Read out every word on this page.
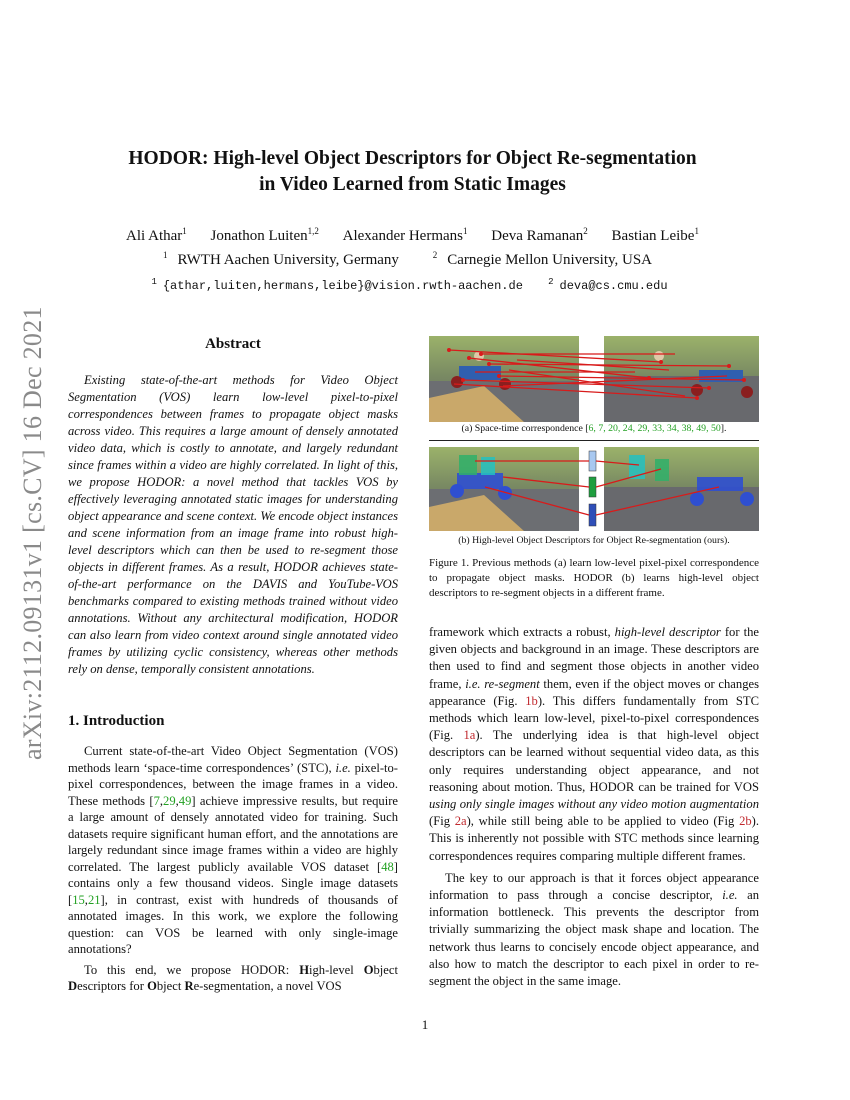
arXiv:2112.09131v1 [cs.CV] 16 Dec 2021
HODOR: High-level Object Descriptors for Object Re-segmentation
in Video Learned from Static Images
Ali Athar$^1$ Jonathon Luiten$^{1,2}$ Alexander Hermans$^1$ Deva Ramanan$^2$ Bastian Leibe$^1$
$^1$ RWTH Aachen University, Germany	$^2$ Carnegie Mellon University, USA
$^1$ {athar,luiten,hermans,leibe}@vision.rwth-aachen.de	$^2$ deva@cs.cmu.edu
Abstract

Existing state-of-the-art methods for Video Object Segmentation (VOS) learn low-level pixel-to-pixel correspondences between frames to propagate object masks across video. This requires a large amount of densely annotated video data, which is costly to annotate, and largely redundant since frames within a video are highly correlated. In light of this, we propose HODOR: a novel method that tackles VOS by effectively leveraging annotated static images for understanding object appearance and scene context. We encode object instances and scene information from an image frame into robust high-level descriptors which can then be used to re-segment those objects in different frames. As a result, HODOR achieves state-of-the-art performance on the DAVIS and YouTube-VOS benchmarks compared to existing methods trained without video annotations. Without any architectural modification, HODOR can also learn from video context around single annotated video frames by utilizing cyclic consistency, whereas other methods rely on dense, temporally consistent annotations.

1. Introduction

Current state-of-the-art Video Object Segmentation (VOS) methods learn ‘space-time correspondences’ (STC), i.e. pixel-to-pixel correspondences, between the image frames in a video. These methods [7,29,49] achieve impressive results, but require a large amount of densely annotated video for training. Such datasets require significant human effort, and the annotations are largely redundant since image frames within a video are highly correlated. The largest publicly available VOS dataset [48] contains only a few thousand videos. Single image datasets [15,21], in contrast, exist with hundreds of thousands of annotated images. In this work, we explore the following question: can VOS be learned with only single-image annotations?

To this end, we propose HODOR: High-level Object Descriptors for Object Re-segmentation, a novel VOS

(a) Space-time correspondence [6, 7, 20, 24, 29, 33, 34, 38, 49, 50].
(b) High-level Object Descriptors for Object Re-segmentation (ours).
Figure 1. Previous methods (a) learn low-level pixel-pixel correspondence to propagate object masks. HODOR (b) learns high-level object descriptors to re-segment objects in a different frame.

framework which extracts a robust, high-level descriptor for the given objects and background in an image. These descriptors are then used to find and segment those objects in another video frame, i.e. re-segment them, even if the object moves or changes appearance (Fig. 1b). This differs fundamentally from STC methods which learn low-level, pixel-to-pixel correspondences (Fig. 1a). The underlying idea is that high-level object descriptors can be learned without sequential video data, as this only requires understanding object appearance, and not reasoning about motion. Thus, HODOR can be trained for VOS using only single images without any video motion augmentation (Fig 2a), while still being able to be applied to video (Fig 2b). This is inherently not possible with STC methods since learning correspondences requires comparing multiple different frames.

The key to our approach is that it forces object appearance information to pass through a concise descriptor, i.e. an information bottleneck. This prevents the descriptor from trivially summarizing the object mask shape and location. The network thus learns to concisely encode object appearance, and also how to match the descriptor to each pixel in order to re-segment the object in the same image.

1
